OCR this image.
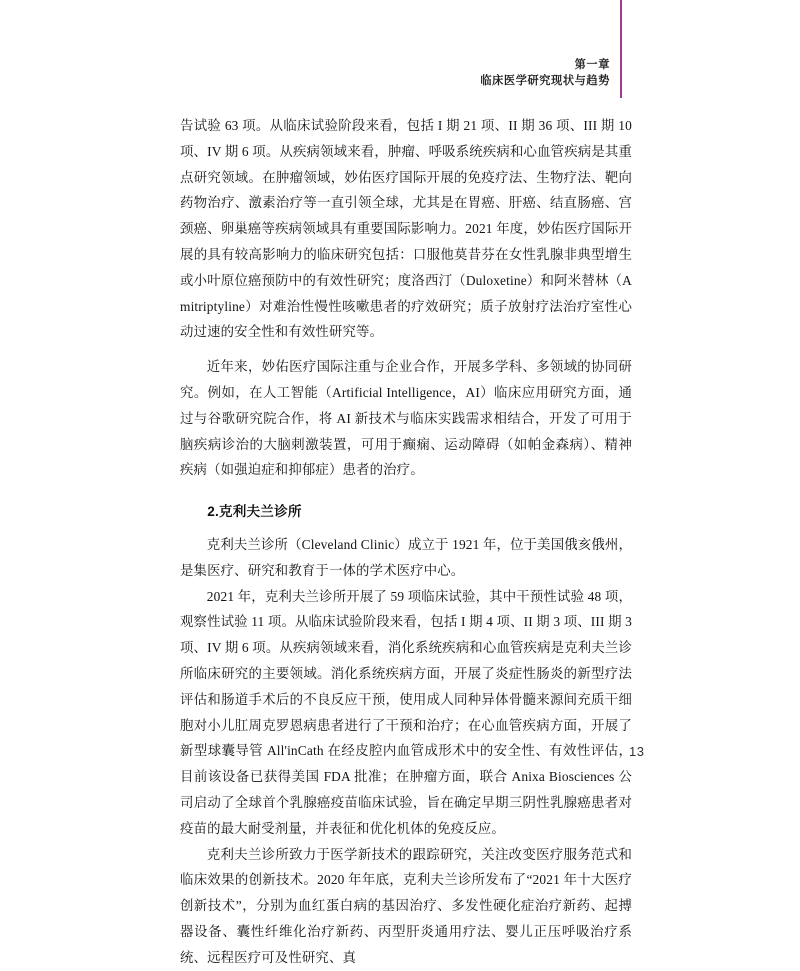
第一章
临床医学研究现状与趋势

告试验 63 项。从临床试验阶段来看，包括 I 期 21 项、II 期 36 项、III 期 10 项、IV 期 6 项。从疾病领域来看，肿瘤、呼吸系统疾病和心血管疾病是其重点研究领域。在肿瘤领域，妙佑医疗国际开展的免疫疗法、生物疗法、靶向药物治疗、激素治疗等一直引领全球，尤其是在胃癌、肝癌、结直肠癌、宫颈癌、卵巢癌等疾病领域具有重要国际影响力。2021 年度，妙佑医疗国际开展的具有较高影响力的临床研究包括：口服他莫昔芬在女性乳腺非典型增生或小叶原位癌预防中的有效性研究；度洛西汀（Duloxetine）和阿米替林（Amitriptyline）对难治性慢性咳嗽患者的疗效研究；质子放射疗法治疗室性心动过速的安全性和有效性研究等。

近年来，妙佑医疗国际注重与企业合作，开展多学科、多领域的协同研究。例如，在人工智能（Artificial Intelligence，AI）临床应用研究方面，通过与谷歌研究院合作，将 AI 新技术与临床实践需求相结合，开发了可用于脑疾病诊治的大脑刺激装置，可用于癫痫、运动障碍（如帕金森病）、精神疾病（如强迫症和抑郁症）患者的治疗。

2.克利夫兰诊所

克利夫兰诊所（Cleveland Clinic）成立于 1921 年，位于美国俄亥俄州，是集医疗、研究和教育于一体的学术医疗中心。

2021 年，克利夫兰诊所开展了 59 项临床试验，其中干预性试验 48 项，观察性试验 11 项。从临床试验阶段来看，包括 I 期 4 项、II 期 3 项、III 期 3 项、IV 期 6 项。从疾病领域来看，消化系统疾病和心血管疾病是克利夫兰诊所临床研究的主要领域。消化系统疾病方面，开展了炎症性肠炎的新型疗法评估和肠道手术后的不良反应干预，使用成人同种异体骨髓来源间充质干细胞对小儿肛周克罗恩病患者进行了干预和治疗；在心血管疾病方面，开展了新型球囊导管 All'inCath 在经皮腔内血管成形术中的安全性、有效性评估，目前该设备已获得美国 FDA 批准；在肿瘤方面，联合 Anixa Biosciences 公司启动了全球首个乳腺癌疫苗临床试验，旨在确定早期三阴性乳腺癌患者对疫苗的最大耐受剂量，并表征和优化机体的免疫反应。

克利夫兰诊所致力于医学新技术的跟踪研究，关注改变医疗服务范式和临床效果的创新技术。2020 年年底，克利夫兰诊所发布了“2021 年十大医疗创新技术”，分别为血红蛋白病的基因治疗、多发性硬化症治疗新药、起搏器设备、囊性纤维化治疗新药、丙型肝炎通用疗法、婴儿正压呼吸治疗系统、远程医疗可及性研究、真

13
